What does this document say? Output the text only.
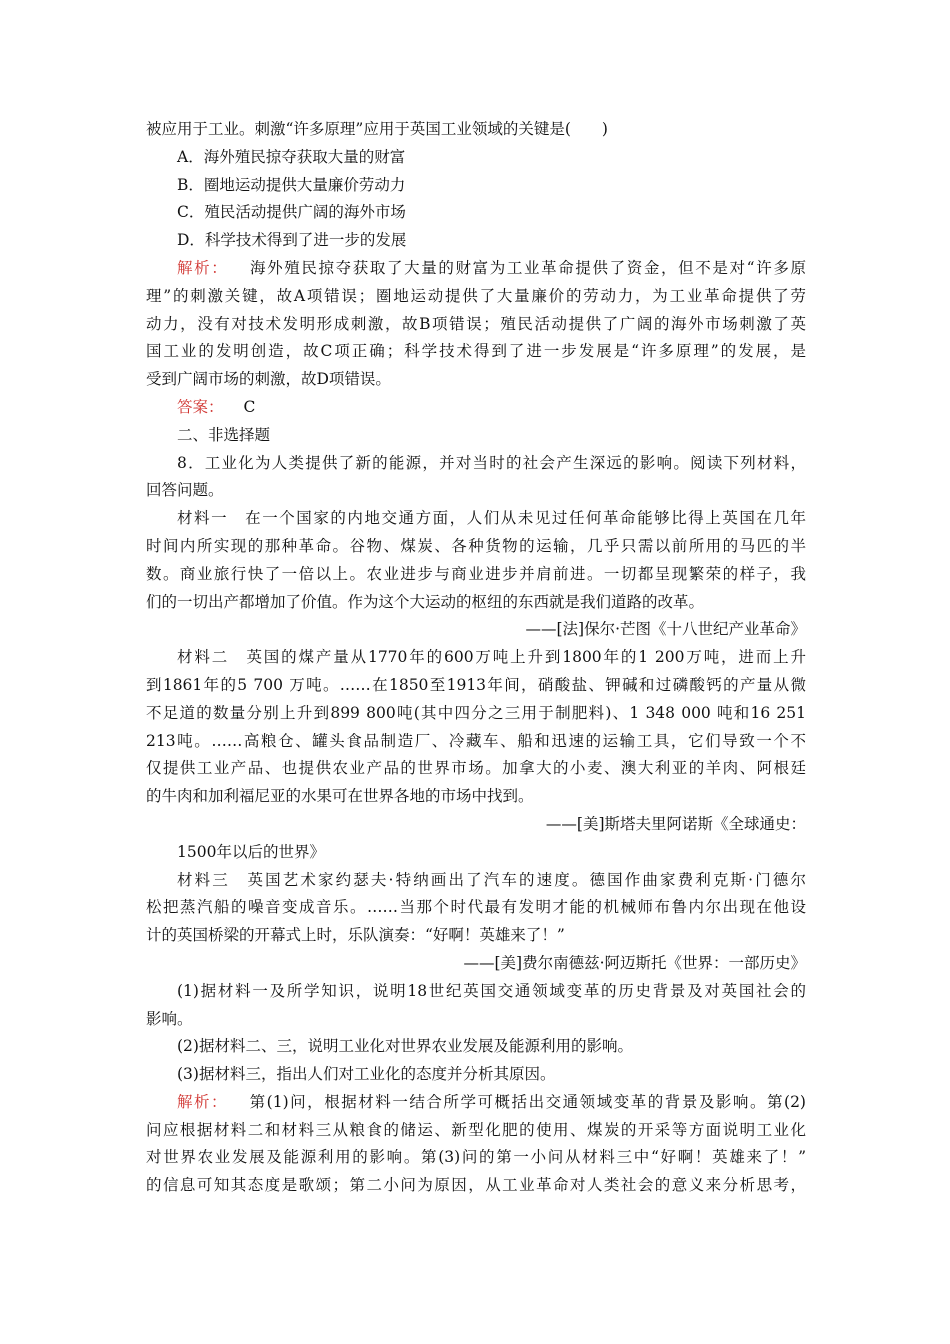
被应用于工业。刺激“许多原理”应用于英国工业领域的关键是(　　)
A．海外殖民掠夺获取大量的财富
B．圈地运动提供大量廉价劳动力
C．殖民活动提供广阔的海外市场
D．科学技术得到了进一步的发展
解析： 海外殖民掠夺获取了大量的财富为工业革命提供了资金，但不是对“许多原
理”的刺激关键，故A项错误；圈地运动提供了大量廉价的劳动力，为工业革命提供了劳
动力，没有对技术发明形成刺激，故B项错误；殖民活动提供了广阔的海外市场刺激了英
国工业的发明创造，故C项正确；科学技术得到了进一步发展是“许多原理”的发展，是
受到广阔市场的刺激，故D项错误。
答案： C
二、非选择题
8．工业化为人类提供了新的能源，并对当时的社会产生深远的影响。阅读下列材料，
回答问题。
材料一　在一个国家的内地交通方面，人们从未见过任何革命能够比得上英国在几年
时间内所实现的那种革命。谷物、煤炭、各种货物的运输，几乎只需以前所用的马匹的半
数。商业旅行快了一倍以上。农业进步与商业进步并肩前进。一切都呈现繁荣的样子，我
们的一切出产都增加了价值。作为这个大运动的枢纽的东西就是我们道路的改革。
——[法]保尔·芒图《十八世纪产业革命》
材料二　英国的煤产量从1770年的600万吨上升到1800年的1 200万吨，进而上升
到1861年的5 700 万吨。……在1850至1913年间，硝酸盐、钾碱和过磷酸钙的产量从微
不足道的数量分别上升到899 800吨(其中四分之三用于制肥料)、1 348 000 吨和16 251
213吨。……高粮仓、罐头食品制造厂、冷藏车、船和迅速的运输工具，它们导致一个不
仅提供工业产品、也提供农业产品的世界市场。加拿大的小麦、澳大利亚的羊肉、阿根廷
的牛肉和加利福尼亚的水果可在世界各地的市场中找到。
——[美]斯塔夫里阿诺斯《全球通史：
1500年以后的世界》
材料三　英国艺术家约瑟夫·特纳画出了汽车的速度。德国作曲家费利克斯·门德尔
松把蒸汽船的噪音变成音乐。……当那个时代最有发明才能的机械师布鲁内尔出现在他设
计的英国桥梁的开幕式上时，乐队演奏：“好啊！英雄来了！”
——[美]费尔南德兹·阿迈斯托《世界：一部历史》
(1)据材料一及所学知识，说明18世纪英国交通领域变革的历史背景及对英国社会的
影响。
(2)据材料二、三，说明工业化对世界农业发展及能源利用的影响。
(3)据材料三，指出人们对工业化的态度并分析其原因。
解析： 第(1)问，根据材料一结合所学可概括出交通领域变革的背景及影响。第(2)
问应根据材料二和材料三从粮食的储运、新型化肥的使用、煤炭的开采等方面说明工业化
对世界农业发展及能源利用的影响。第(3)问的第一小问从材料三中“好啊！英雄来了！”
的信息可知其态度是歌颂；第二小问为原因，从工业革命对人类社会的意义来分析思考，
